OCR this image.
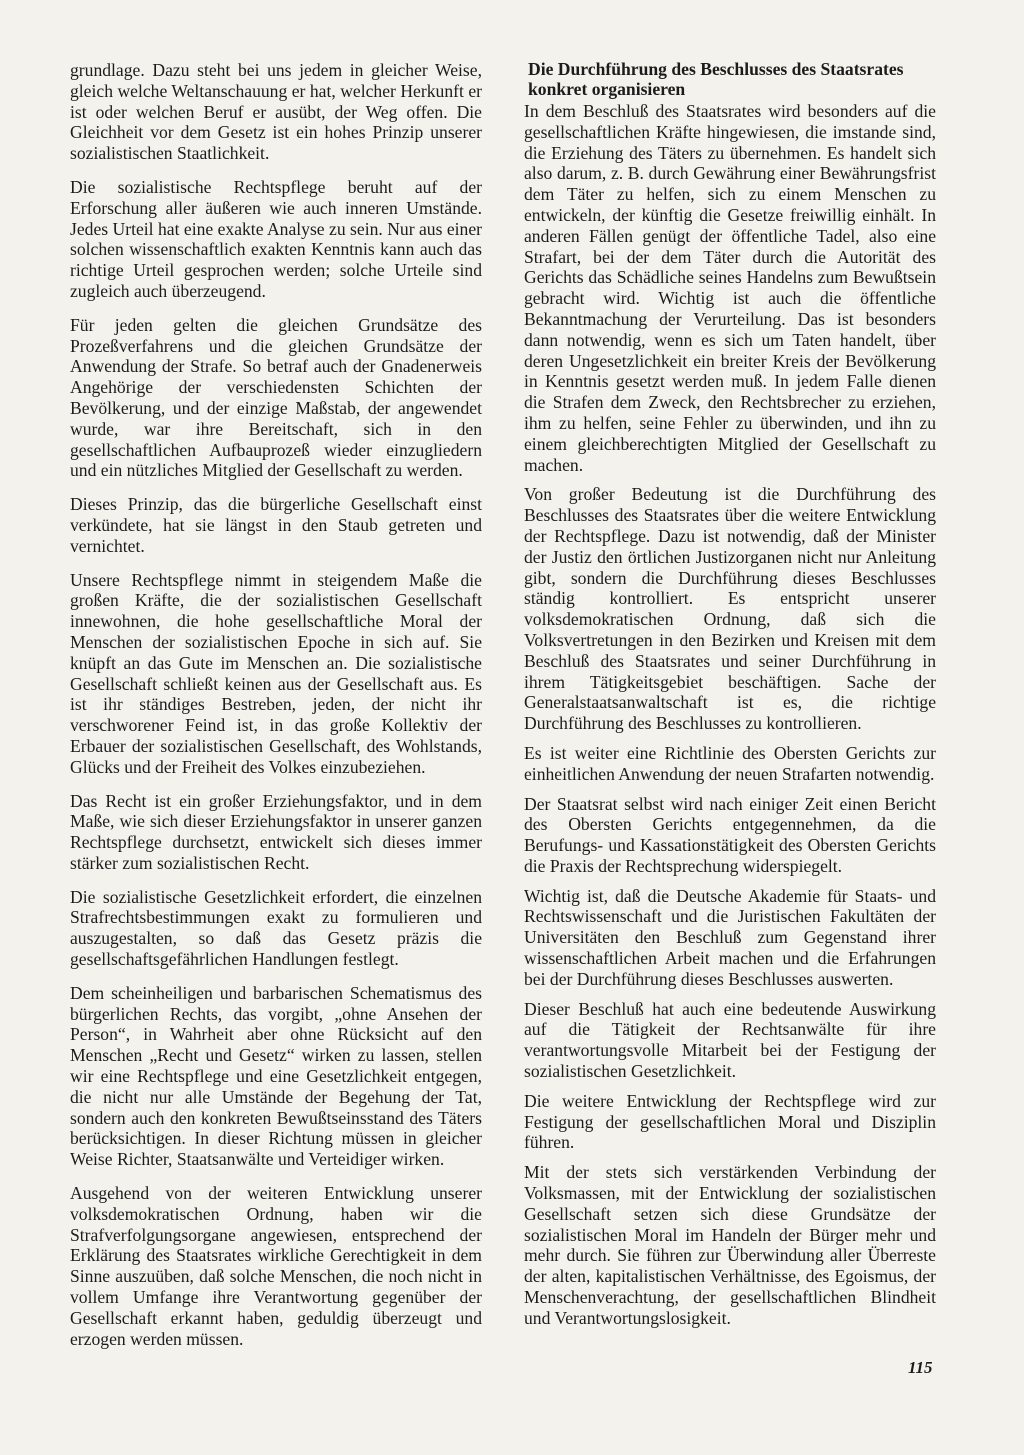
grundlage. Dazu steht bei uns jedem in gleicher Weise, gleich welche Weltanschauung er hat, welcher Herkunft er ist oder welchen Beruf er ausübt, der Weg offen. Die Gleichheit vor dem Gesetz ist ein hohes Prinzip unserer sozialistischen Staatlichkeit.

Die sozialistische Rechtspflege beruht auf der Erforschung aller äußeren wie auch inneren Umstände. Jedes Urteil hat eine exakte Analyse zu sein. Nur aus einer solchen wissenschaftlich exakten Kenntnis kann auch das richtige Urteil gesprochen werden; solche Urteile sind zugleich auch überzeugend.

Für jeden gelten die gleichen Grundsätze des Prozeßverfahrens und die gleichen Grundsätze der Anwendung der Strafe. So betraf auch der Gnadenerweis Angehörige der verschiedensten Schichten der Bevölkerung, und der einzige Maßstab, der angewendet wurde, war ihre Bereitschaft, sich in den gesellschaftlichen Aufbauprozeß wieder einzugliedern und ein nützliches Mitglied der Gesellschaft zu werden.

Dieses Prinzip, das die bürgerliche Gesellschaft einst verkündete, hat sie längst in den Staub getreten und vernichtet.

Unsere Rechtspflege nimmt in steigendem Maße die großen Kräfte, die der sozialistischen Gesellschaft innewohnen, die hohe gesellschaftliche Moral der Menschen der sozialistischen Epoche in sich auf. Sie knüpft an das Gute im Menschen an. Die sozialistische Gesellschaft schließt keinen aus der Gesellschaft aus. Es ist ihr ständiges Bestreben, jeden, der nicht ihr verschworener Feind ist, in das große Kollektiv der Erbauer der sozialistischen Gesellschaft, des Wohlstands, Glücks und der Freiheit des Volkes einzubeziehen.

Das Recht ist ein großer Erziehungsfaktor, und in dem Maße, wie sich dieser Erziehungsfaktor in unserer ganzen Rechtspflege durchsetzt, entwickelt sich dieses immer stärker zum sozialistischen Recht.

Die sozialistische Gesetzlichkeit erfordert, die einzelnen Strafrechtsbestimmungen exakt zu formulieren und auszugestalten, so daß das Gesetz präzis die gesellschaftsgefährlichen Handlungen festlegt.

Dem scheinheiligen und barbarischen Schematismus des bürgerlichen Rechts, das vorgibt, „ohne Ansehen der Person“, in Wahrheit aber ohne Rücksicht auf den Menschen „Recht und Gesetz“ wirken zu lassen, stellen wir eine Rechtspflege und eine Gesetzlichkeit entgegen, die nicht nur alle Umstände der Begehung der Tat, sondern auch den konkreten Bewußtseinsstand des Täters berücksichtigen. In dieser Richtung müssen in gleicher Weise Richter, Staatsanwälte und Verteidiger wirken.

Ausgehend von der weiteren Entwicklung unserer volksdemokratischen Ordnung, haben wir die Strafverfolgungsorgane angewiesen, entsprechend der Erklärung des Staatsrates wirkliche Gerechtigkeit in dem Sinne auszuüben, daß solche Menschen, die noch nicht in vollem Umfange ihre Verantwortung gegenüber der Gesellschaft erkannt haben, geduldig überzeugt und erzogen werden müssen.

Die Durchführung des Beschlusses des Staatsrates konkret organisieren

In dem Beschluß des Staatsrates wird besonders auf die gesellschaftlichen Kräfte hingewiesen, die imstande sind, die Erziehung des Täters zu übernehmen. Es handelt sich also darum, z. B. durch Gewährung einer Bewährungsfrist dem Täter zu helfen, sich zu einem Menschen zu entwickeln, der künftig die Gesetze freiwillig einhält. In anderen Fällen genügt der öffentliche Tadel, also eine Strafart, bei der dem Täter durch die Autorität des Gerichts das Schädliche seines Handelns zum Bewußtsein gebracht wird. Wichtig ist auch die öffentliche Bekanntmachung der Verurteilung. Das ist besonders dann notwendig, wenn es sich um Taten handelt, über deren Ungesetzlichkeit ein breiter Kreis der Bevölkerung in Kenntnis gesetzt werden muß. In jedem Falle dienen die Strafen dem Zweck, den Rechtsbrecher zu erziehen, ihm zu helfen, seine Fehler zu überwinden, und ihn zu einem gleichberechtigten Mitglied der Gesellschaft zu machen.

Von großer Bedeutung ist die Durchführung des Beschlusses des Staatsrates über die weitere Entwicklung der Rechtspflege. Dazu ist notwendig, daß der Minister der Justiz den örtlichen Justizorganen nicht nur Anleitung gibt, sondern die Durchführung dieses Beschlusses ständig kontrolliert. Es entspricht unserer volksdemokratischen Ordnung, daß sich die Volksvertretungen in den Bezirken und Kreisen mit dem Beschluß des Staatsrates und seiner Durchführung in ihrem Tätigkeitsgebiet beschäftigen. Sache der Generalstaatsanwaltschaft ist es, die richtige Durchführung des Beschlusses zu kontrollieren.

Es ist weiter eine Richtlinie des Obersten Gerichts zur einheitlichen Anwendung der neuen Strafarten notwendig.

Der Staatsrat selbst wird nach einiger Zeit einen Bericht des Obersten Gerichts entgegennehmen, da die Berufungs- und Kassationstätigkeit des Obersten Gerichts die Praxis der Rechtsprechung widerspiegelt.

Wichtig ist, daß die Deutsche Akademie für Staats- und Rechtswissenschaft und die Juristischen Fakultäten der Universitäten den Beschluß zum Gegenstand ihrer wissenschaftlichen Arbeit machen und die Erfahrungen bei der Durchführung dieses Beschlusses auswerten.

Dieser Beschluß hat auch eine bedeutende Auswirkung auf die Tätigkeit der Rechtsanwälte für ihre verantwortungsvolle Mitarbeit bei der Festigung der sozialistischen Gesetzlichkeit.

Die weitere Entwicklung der Rechtspflege wird zur Festigung der gesellschaftlichen Moral und Disziplin führen.

Mit der stets sich verstärkenden Verbindung der Volksmassen, mit der Entwicklung der sozialistischen Gesellschaft setzen sich diese Grundsätze der sozialistischen Moral im Handeln der Bürger mehr und mehr durch. Sie führen zur Überwindung aller Überreste der alten, kapitalistischen Verhältnisse, des Egoismus, der Menschenverachtung, der gesellschaftlichen Blindheit und Verantwortungslosigkeit.

115
